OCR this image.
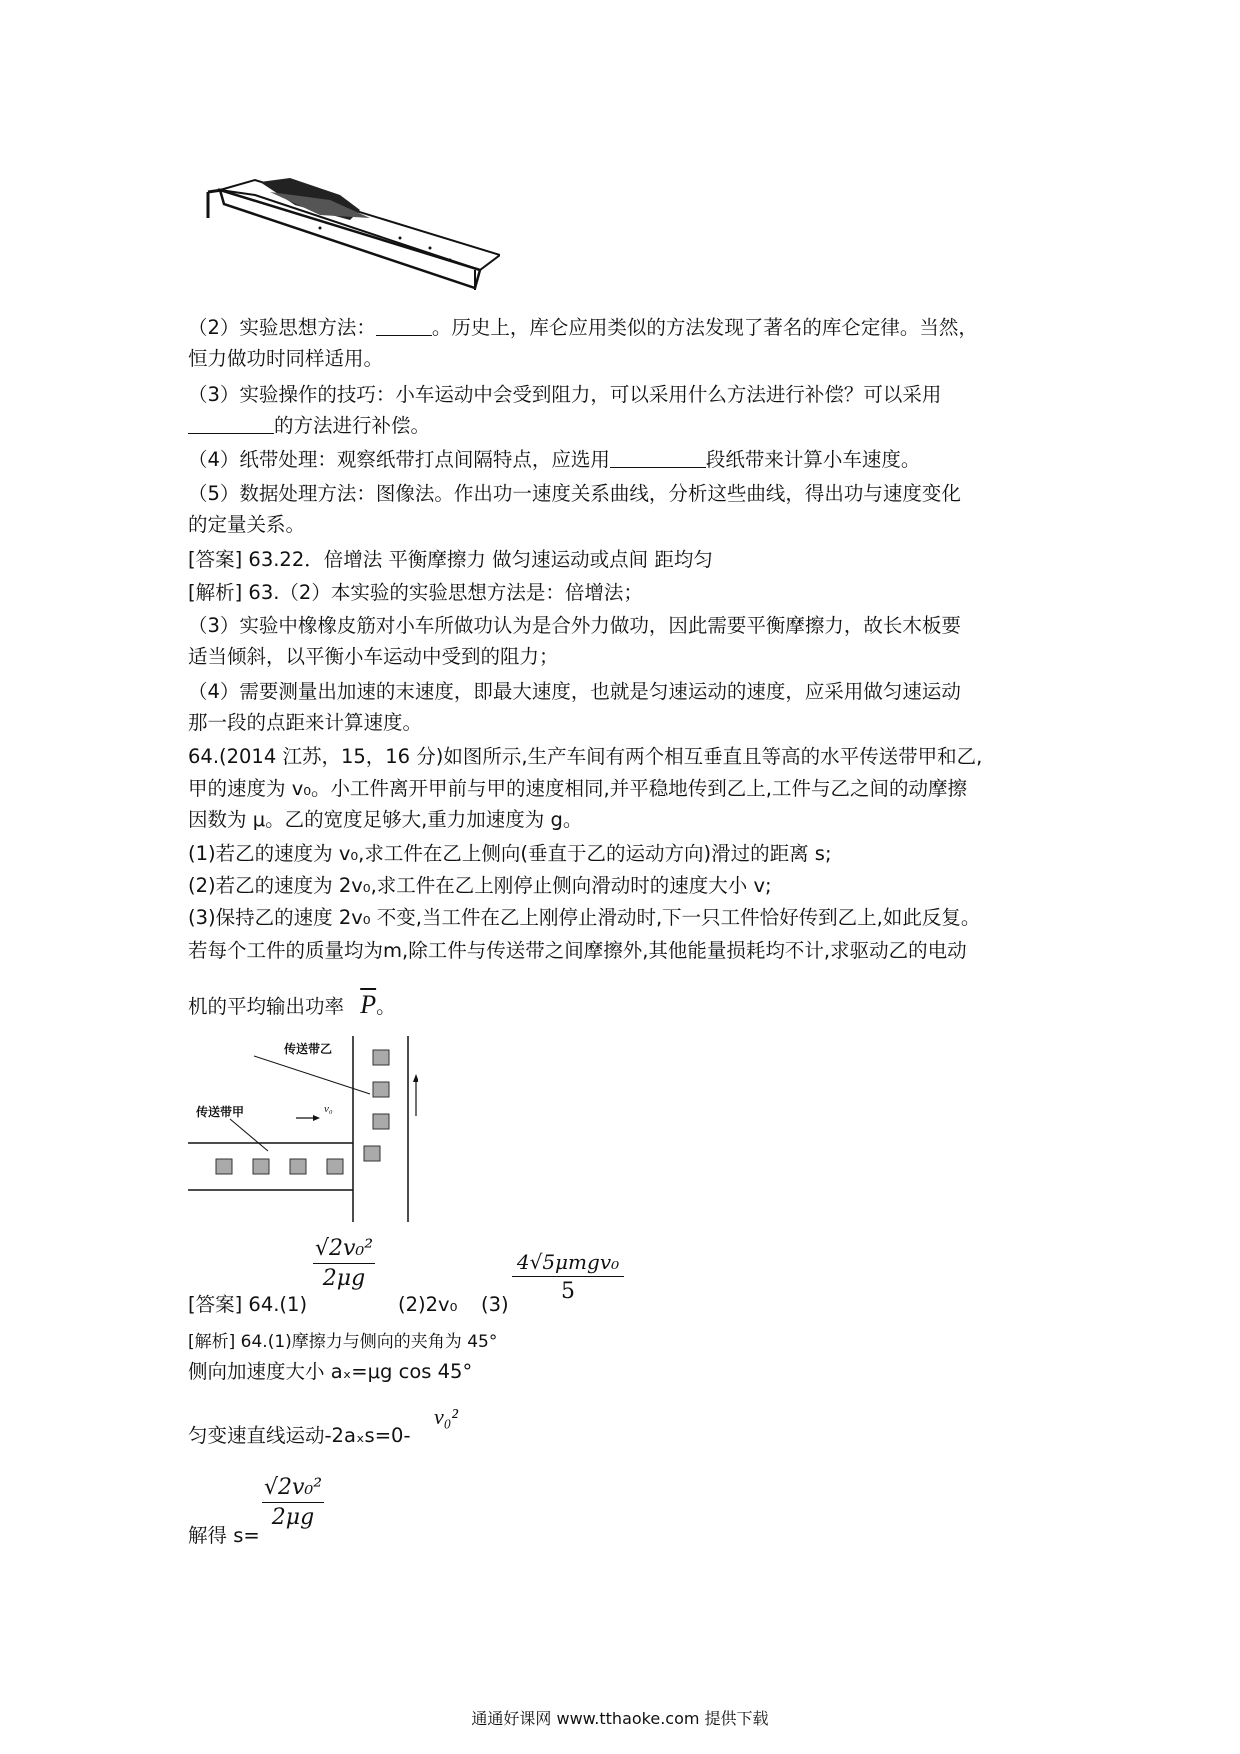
（2）实验思想方法：	。历史上，库仑应用类似的方法发现了著名的库仑定律。当然，
恒力做功时同样适用。
（3）实验操作的技巧：小车运动中会受到阻力，可以采用什么方法进行补偿？可以采用
的方法进行补偿。
（4）纸带处理：观察纸带打点间隔特点，应选用	段纸带来计算小车速度。
（5）数据处理方法：图像法。作出功一速度关系曲线，分析这些曲线，得出功与速度变化
的定量关系。
[答案] 63.22．倍增法 平衡摩擦力 做匀速运动或点间 距均匀
[解析] 63.（2）本实验的实验思想方法是：倍增法；
（3）实验中橡橡皮筋对小车所做功认为是合外力做功，因此需要平衡摩擦力，故长木板要
适当倾斜，以平衡小车运动中受到的阻力；
（4）需要测量出加速的末速度，即最大速度，也就是匀速运动的速度，应采用做匀速运动
那一段的点距来计算速度。
64.(2014 江苏，15，16 分)如图所示,生产车间有两个相互垂直且等高的水平传送带甲和乙,
甲的速度为 v₀。小工件离开甲前与甲的速度相同,并平稳地传到乙上,工件与乙之间的动摩擦
因数为 μ。乙的宽度足够大,重力加速度为 g。
(1)若乙的速度为 v₀,求工件在乙上侧向(垂直于乙的运动方向)滑过的距离 s;
(2)若乙的速度为 2v₀,求工件在乙上刚停止侧向滑动时的速度大小 v;
(3)保持乙的速度 2v₀ 不变,当工件在乙上刚停止滑动时,下一只工件恰好传到乙上,如此反复。
若每个工件的质量均为m,除工件与传送带之间摩擦外,其他能量损耗均不计,求驱动乙的电动
机的平均输出功率 $\overline{P}$。
传送带乙
传送带甲	v₀
$\frac{\text{√2v₀²}}{2\mu g}$	4√5μmgv₀
5
[答案] 64.(1)	(2)2v₀ (3)
[解析] 64.(1)摩擦力与侧向的夹角为 45°
侧向加速度大小 aₓ=μg cos 45°
匀变速直线运动-2aₓs=0-
v₀²
$\frac{\text{√2v₀²}}{2\mu g}$
解得 s=
通通好课网 www.tthaoke.com 提供下载
